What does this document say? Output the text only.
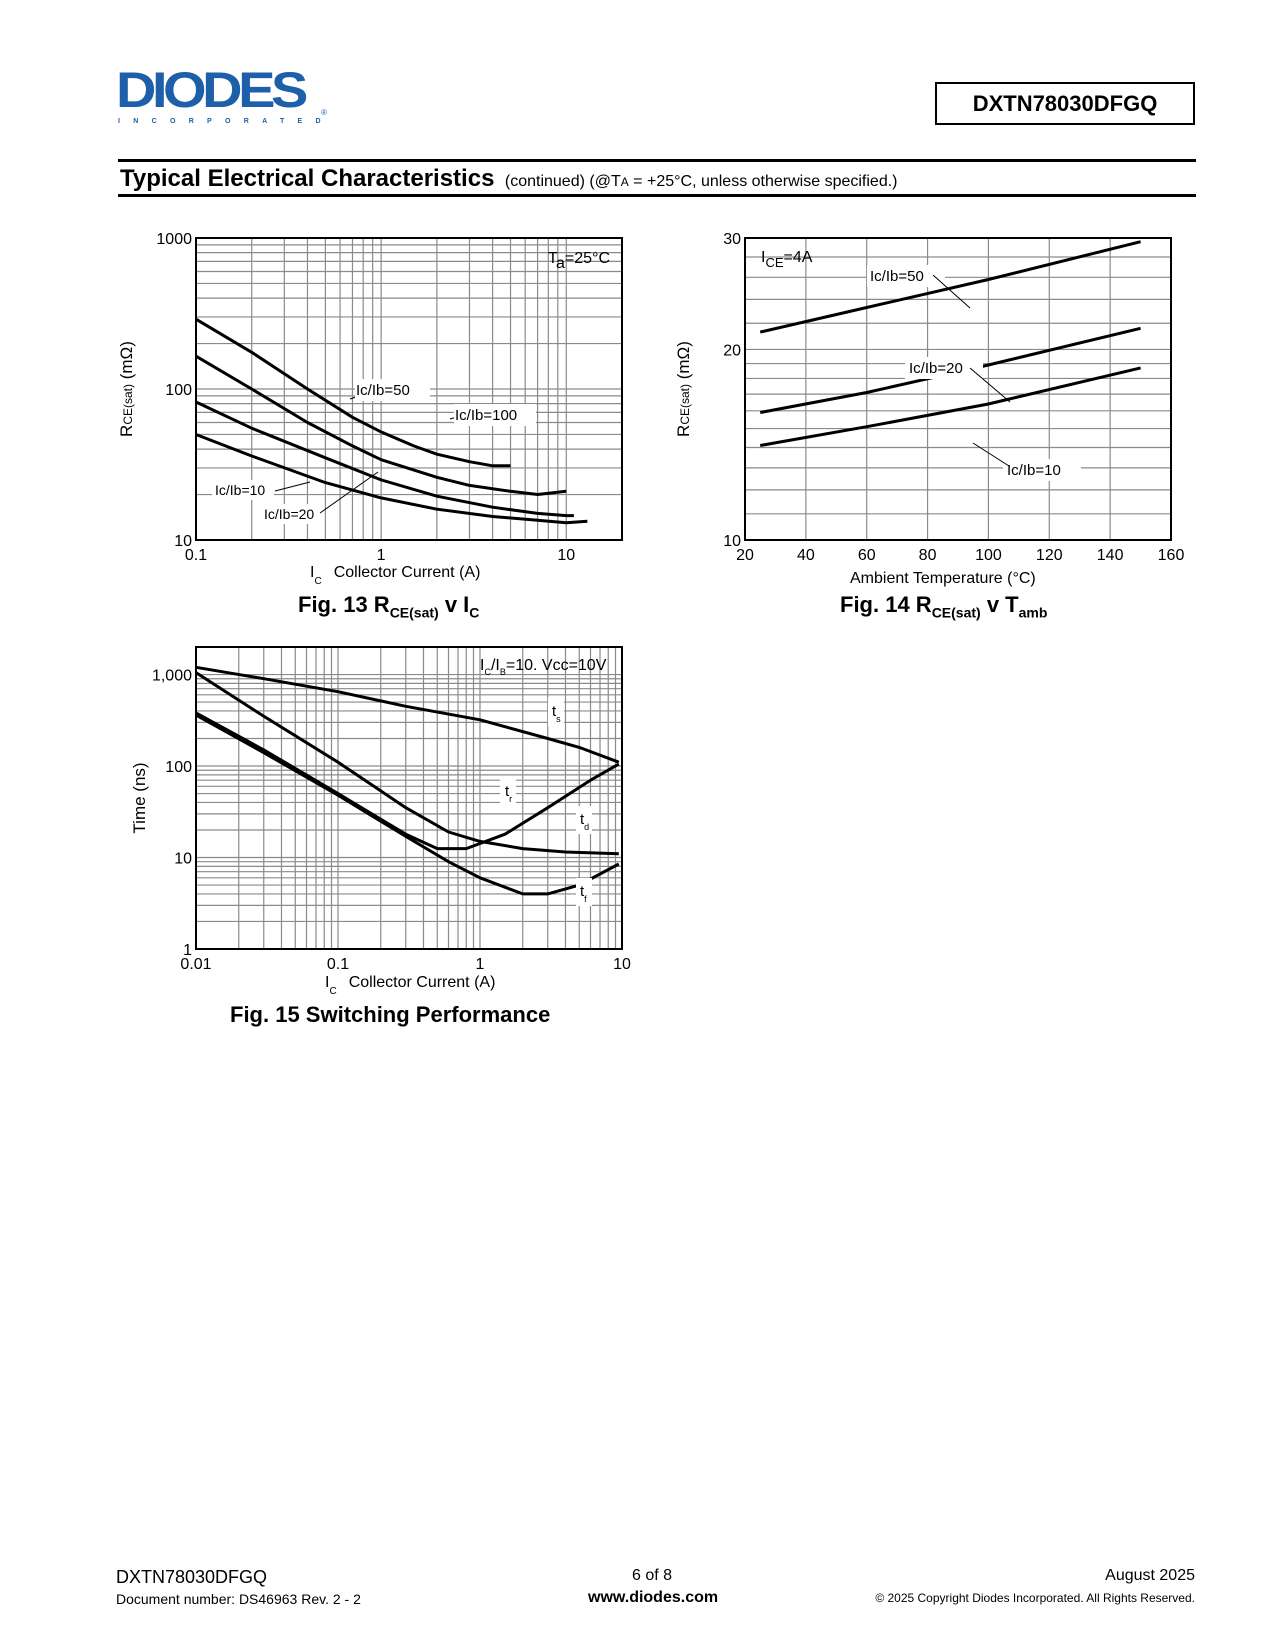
DIODES
INCORPORATED
®	DXTN78030DFGQ
Typical Electrical Characteristics (continued) (@TA = +25°C, unless otherwise specified.)
0.1	1	10
10
100
1000
RCE(sat) (mΩ)
$I_CCollector$ Current (A)
Ta=25°C
Ic/Ib=50
Ic/Ib=100
Ic/Ib=10
Ic/Ib=20
Fig. 13 $R_{CE(sat)}$ v $I_C$
20	40	60	80 100 120 140 160
10
20
30
RCE(sat) (mΩ)
Ambient Temperature (°C)
$I_{CE}=4A$
Ic/Ib=50
Ic/Ib=20
Ic/Ib=10
Fig. 14 $R_{CE(sat)}$ v $T_{amb}$
0.01	0.1	1	10
1
10
100
1,000
Time (ns)
$I_CCollector$ Current (A)
$I_C/I_B=10$. Vcc=10V
$t_s$
$t_r$
$t_d$
$t_f$
Fig. 15 Switching Performance
DXTN78030DFGQ
Document number: DS46963 Rev. 2 - 2
6 of 8
www.diodes.com
August 2025
© 2025 Copyright Diodes Incorporated. All Rights Reserved.
